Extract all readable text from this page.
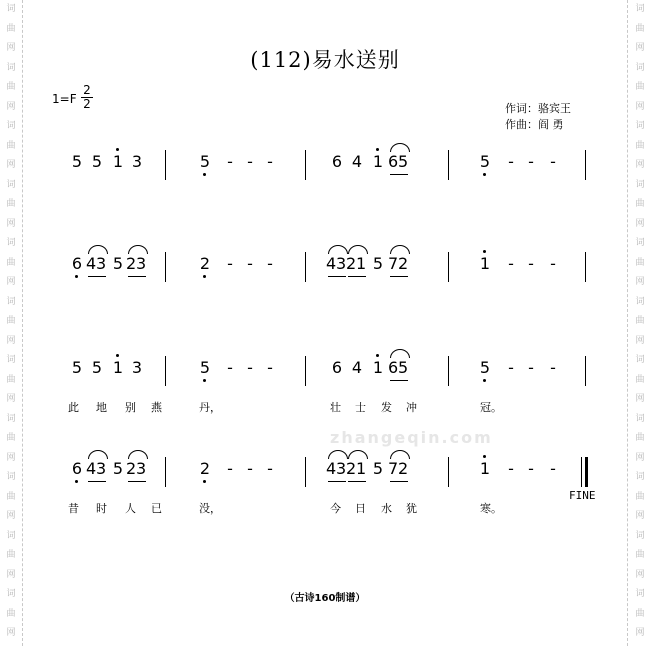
词
曲
网
词
曲
网
词
曲
网
词
曲
网
词
曲
网
词
曲
网
词
曲
网
词
曲
网
词
曲
网
词
曲
网
词
曲
网
词
曲
网
词
曲
网
词
曲
网
词
曲
网
词
曲
网
词
曲
网
词
曲
网
词
曲
网
词
曲
网
词
曲
网
词
曲
网
zhangeqin.com
(112)易水送别
1=F
2
2	作词：骆宾王
作曲：阎 勇
5 5 1 3	5 - - -	6 4 1 6 5	5 - - -
6 4 3 5 2 3	2 - - -	4 3 2 1 5 7 2	1 - - -
5 5 1 3	5 - - -	6 4 1 6 5	5 - - -
此 地 别 燕	丹，	壮 士 发 冲	冠。
6 4 3 5 2 3	2 - - -	4 3 2 1 5 7 2	1 - - -
昔 时 人 已	没，	今 日 水 犹	寒。
FINE
（古诗160制谱）
